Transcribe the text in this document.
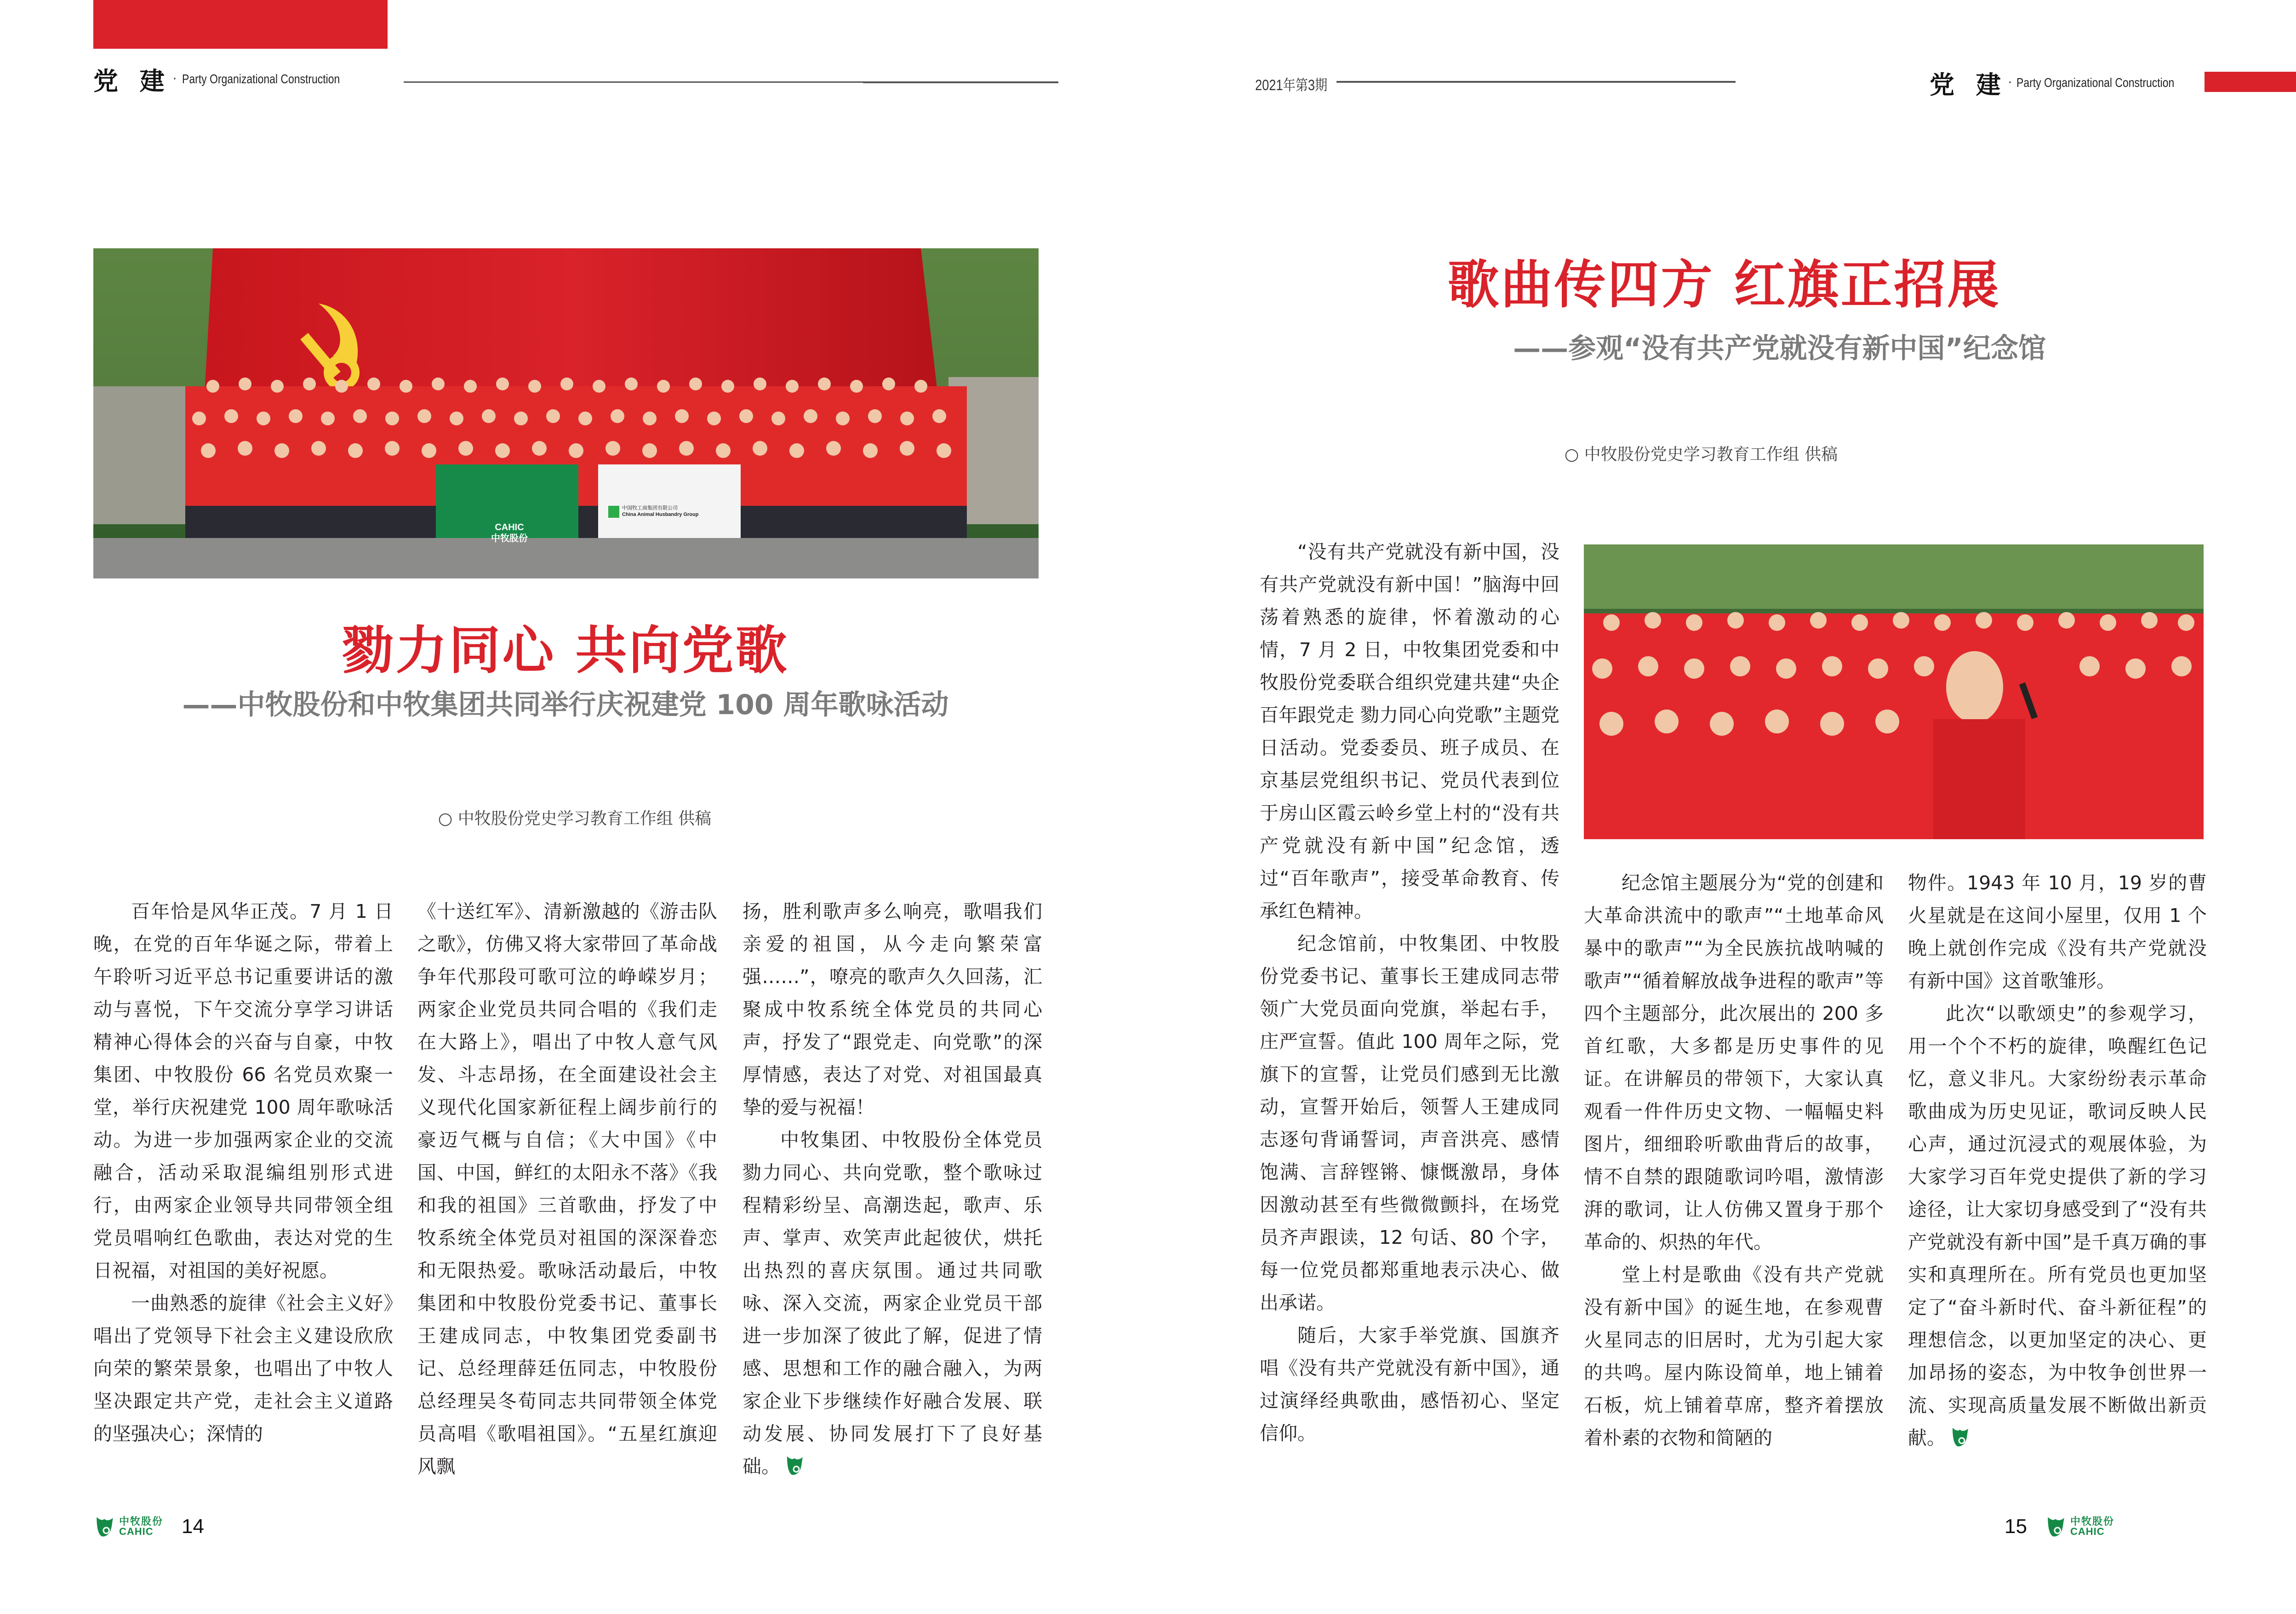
党 建 · Party Organizational Construction
CAHIC
中牧股份
中国牧工商集团有限公司
China Animal Husbandry Group
勠力同心 共向党歌
——中牧股份和中牧集团共同举行庆祝建党 100 周年歌咏活动
○ 中牧股份党史学习教育工作组 供稿

百年恰是风华正茂。7 月 1 日晚，在党的百年华诞之际，带着上午聆听习近平总书记重要讲话的激动与喜悦，下午交流分享学习讲话精神心得体会的兴奋与自豪，中牧集团、中牧股份 66 名党员欢聚一堂，举行庆祝建党 100 周年歌咏活动。为进一步加强两家企业的交流融合，活动采取混编组别形式进行，由两家企业领导共同带领全组党员唱响红色歌曲，表达对党的生日祝福，对祖国的美好祝愿。

一曲熟悉的旋律《社会主义好》唱出了党领导下社会主义建设欣欣向荣的繁荣景象，也唱出了中牧人坚决跟定共产党，走社会主义道路的坚强决心；深情的

《十送红军》、清新激越的《游击队之歌》，仿佛又将大家带回了革命战争年代那段可歌可泣的峥嵘岁月；两家企业党员共同合唱的《我们走在大路上》，唱出了中牧人意气风发、斗志昂扬，在全面建设社会主义现代化国家新征程上阔步前行的豪迈气概与自信；《大中国》《中国、中国，鲜红的太阳永不落》《我和我的祖国》三首歌曲，抒发了中牧系统全体党员对祖国的深深眷恋和无限热爱。歌咏活动最后，中牧集团和中牧股份党委书记、董事长王建成同志，中牧集团党委副书记、总经理薛廷伍同志，中牧股份总经理吴冬荀同志共同带领全体党员高唱《歌唱祖国》。“五星红旗迎风飘

扬，胜利歌声多么响亮，歌唱我们亲爱的祖国，从今走向繁荣富强……”，嘹亮的歌声久久回荡，汇聚成中牧系统全体党员的共同心声，抒发了“跟党走、向党歌”的深厚情感，表达了对党、对祖国最真挚的爱与祝福！

中牧集团、中牧股份全体党员勠力同心、共向党歌，整个歌咏过程精彩纷呈、高潮迭起，歌声、乐声、掌声、欢笑声此起彼伏，烘托出热烈的喜庆氛围。通过共同歌咏、深入交流，两家企业党员干部进一步加深了彼此了解，促进了情感、思想和工作的融合融入，为两家企业下步继续作好融合发展、联动发展、协同发展打下了良好基础。

中牧股份
CAHIC	14
2021年第3期	党 建 · Party Organizational Construction
歌曲传四方 红旗正招展
——参观“没有共产党就没有新中国”纪念馆
○ 中牧股份党史学习教育工作组 供稿

“没有共产党就没有新中国，没有共产党就没有新中国！”脑海中回荡着熟悉的旋律，怀着激动的心情，7 月 2 日，中牧集团党委和中牧股份党委联合组织党建共建“央企百年跟党走 勠力同心向党歌”主题党日活动。党委委员、班子成员、在京基层党组织书记、党员代表到位于房山区霞云岭乡堂上村的“没有共产党就没有新中国”纪念馆，透过“百年歌声”，接受革命教育、传承红色精神。

纪念馆前，中牧集团、中牧股份党委书记、董事长王建成同志带领广大党员面向党旗，举起右手，庄严宣誓。值此 100 周年之际，党旗下的宣誓，让党员们感到无比激动，宣誓开始后，领誓人王建成同志逐句背诵誓词，声音洪亮、感情饱满、言辞铿锵、慷慨激昂，身体因激动甚至有些微微颤抖，在场党员齐声跟读，12 句话、80 个字，每一位党员都郑重地表示决心、做出承诺。

随后，大家手举党旗、国旗齐唱《没有共产党就没有新中国》，通过演绎经典歌曲，感悟初心、坚定信仰。

纪念馆主题展分为“党的创建和大革命洪流中的歌声”“土地革命风暴中的歌声”“为全民族抗战呐喊的歌声”“循着解放战争进程的歌声”等四个主题部分，此次展出的 200 多首红歌，大多都是历史事件的见证。在讲解员的带领下，大家认真观看一件件历史文物、一幅幅史料图片，细细聆听歌曲背后的故事，情不自禁的跟随歌词吟唱，激情澎湃的歌词，让人仿佛又置身于那个革命的、炽热的年代。

堂上村是歌曲《没有共产党就没有新中国》的诞生地，在参观曹火星同志的旧居时，尤为引起大家的共鸣。屋内陈设简单，地上铺着石板，炕上铺着草席，整齐着摆放着朴素的衣物和简陋的

物件。1943 年 10 月，19 岁的曹火星就是在这间小屋里，仅用 1 个晚上就创作完成《没有共产党就没有新中国》这首歌雏形。

此次“以歌颂史”的参观学习，用一个个不朽的旋律，唤醒红色记忆，意义非凡。大家纷纷表示革命歌曲成为历史见证，歌词反映人民心声，通过沉浸式的观展体验，为大家学习百年党史提供了新的学习途径，让大家切身感受到了“没有共产党就没有新中国”是千真万确的事实和真理所在。所有党员也更加坚定了“奋斗新时代、奋斗新征程”的理想信念，以更加坚定的决心、更加昂扬的姿态，为中牧争创世界一流、实现高质量发展不断做出新贡献。

15	中牧股份
CAHIC
